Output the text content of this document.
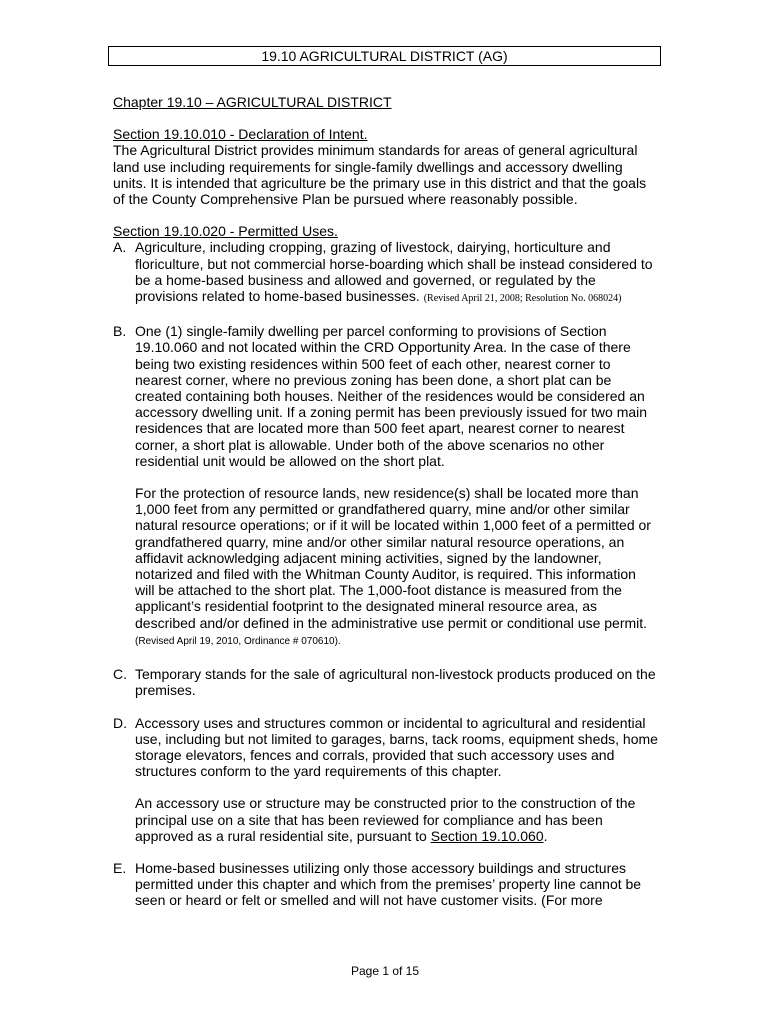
19.10 AGRICULTURAL DISTRICT (AG)

Chapter 19.10 – AGRICULTURAL DISTRICT

Section 19.10.010 - Declaration of Intent.

The Agricultural District provides minimum standards for areas of general agricultural land use including requirements for single-family dwellings and accessory dwelling units. It is intended that agriculture be the primary use in this district and that the goals of the County Comprehensive Plan be pursued where reasonably possible.

Section 19.10.020 - Permitted Uses.

A. Agriculture, including cropping, grazing of livestock, dairying, horticulture and floriculture, but not commercial horse-boarding which shall be instead considered to be a home-based business and allowed and governed, or regulated by the provisions related to home-based businesses. (Revised April 21, 2008; Resolution No. 068024)
B. One (1) single-family dwelling per parcel conforming to provisions of Section 19.10.060 and not located within the CRD Opportunity Area. In the case of there being two existing residences within 500 feet of each other, nearest corner to nearest corner, where no previous zoning has been done, a short plat can be created containing both houses. Neither of the residences would be considered an accessory dwelling unit. If a zoning permit has been previously issued for two main residences that are located more than 500 feet apart, nearest corner to nearest corner, a short plat is allowable. Under both of the above scenarios no other residential unit would be allowed on the short plat.
For the protection of resource lands, new residence(s) shall be located more than 1,000 feet from any permitted or grandfathered quarry, mine and/or other similar natural resource operations; or if it will be located within 1,000 feet of a permitted or grandfathered quarry, mine and/or other similar natural resource operations, an affidavit acknowledging adjacent mining activities, signed by the landowner, notarized and filed with the Whitman County Auditor, is required. This information will be attached to the short plat. The 1,000-foot distance is measured from the applicant’s residential footprint to the designated mineral resource area, as described and/or defined in the administrative use permit or conditional use permit. (Revised April 19, 2010, Ordinance # 070610).
C. Temporary stands for the sale of agricultural non-livestock products produced on the premises.
D. Accessory uses and structures common or incidental to agricultural and residential use, including but not limited to garages, barns, tack rooms, equipment sheds, home storage elevators, fences and corrals, provided that such accessory uses and structures conform to the yard requirements of this chapter.
An accessory use or structure may be constructed prior to the construction of the principal use on a site that has been reviewed for compliance and has been approved as a rural residential site, pursuant to Section 19.10.060.
E. Home-based businesses utilizing only those accessory buildings and structures permitted under this chapter and which from the premises’ property line cannot be seen or heard or felt or smelled and will not have customer visits. (For more
Page 1 of 15
